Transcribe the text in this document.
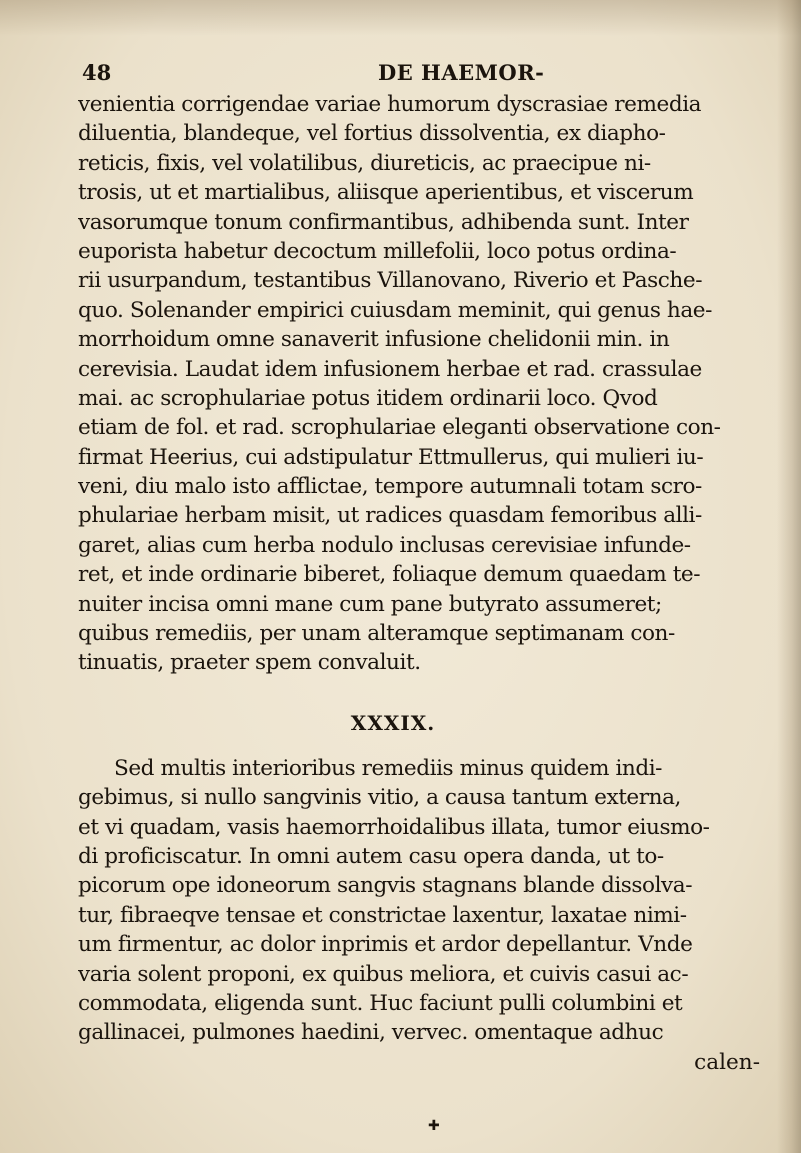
48	DE HAEMOR-
venientia corrigendae variae humorum dyscrasiae remedia
diluentia, blandeque, vel fortius dissolventia, ex diapho-
reticis, fixis, vel volatilibus, diureticis, ac praecipue ni-
trosis, ut et martialibus, aliisque aperientibus, et viscerum
vasorumque tonum confirmantibus, adhibenda sunt. Inter
euporista habetur decoctum millefolii, loco potus ordina-
rii usurpandum, testantibus Villanovano, Riverio et Pasche-
quo. Solenander empirici cuiusdam meminit, qui genus hae-
morrhoidum omne sanaverit infusione chelidonii min. in
cerevisia. Laudat idem infusionem herbae et rad. crassulae
mai. ac scrophulariae potus itidem ordinarii loco. Qvod
etiam de fol. et rad. scrophulariae eleganti observatione con-
firmat Heerius, cui adstipulatur Ettmullerus, qui mulieri iu-
veni, diu malo isto afflictae, tempore autumnali totam scro-
phulariae herbam misit, ut radices quasdam femoribus alli-
garet, alias cum herba nodulo inclusas cerevisiae infunde-
ret, et inde ordinarie biberet, foliaque demum quaedam te-
nuiter incisa omni mane cum pane butyrato assumeret;
quibus remediis, per unam alteramque septimanam con-
tinuatis, praeter spem convaluit.
XXXIX.
Sed multis interioribus remediis minus quidem indi-
gebimus, si nullo sangvinis vitio, a causa tantum externa,
et vi quadam, vasis haemorrhoidalibus illata, tumor eiusmo-
di proficiscatur. In omni autem casu opera danda, ut to-
picorum ope idoneorum sangvis stagnans blande dissolva-
tur, fibraeqve tensae et constrictae laxentur, laxatae nimi-
um firmentur, ac dolor inprimis et ardor depellantur. Vnde
varia solent proponi, ex quibus meliora, et cuivis casui ac-
commodata, eligenda sunt. Huc faciunt pulli columbini et
gallinacei, pulmones haedini, vervec. omentaque adhuc
calen-
✚
